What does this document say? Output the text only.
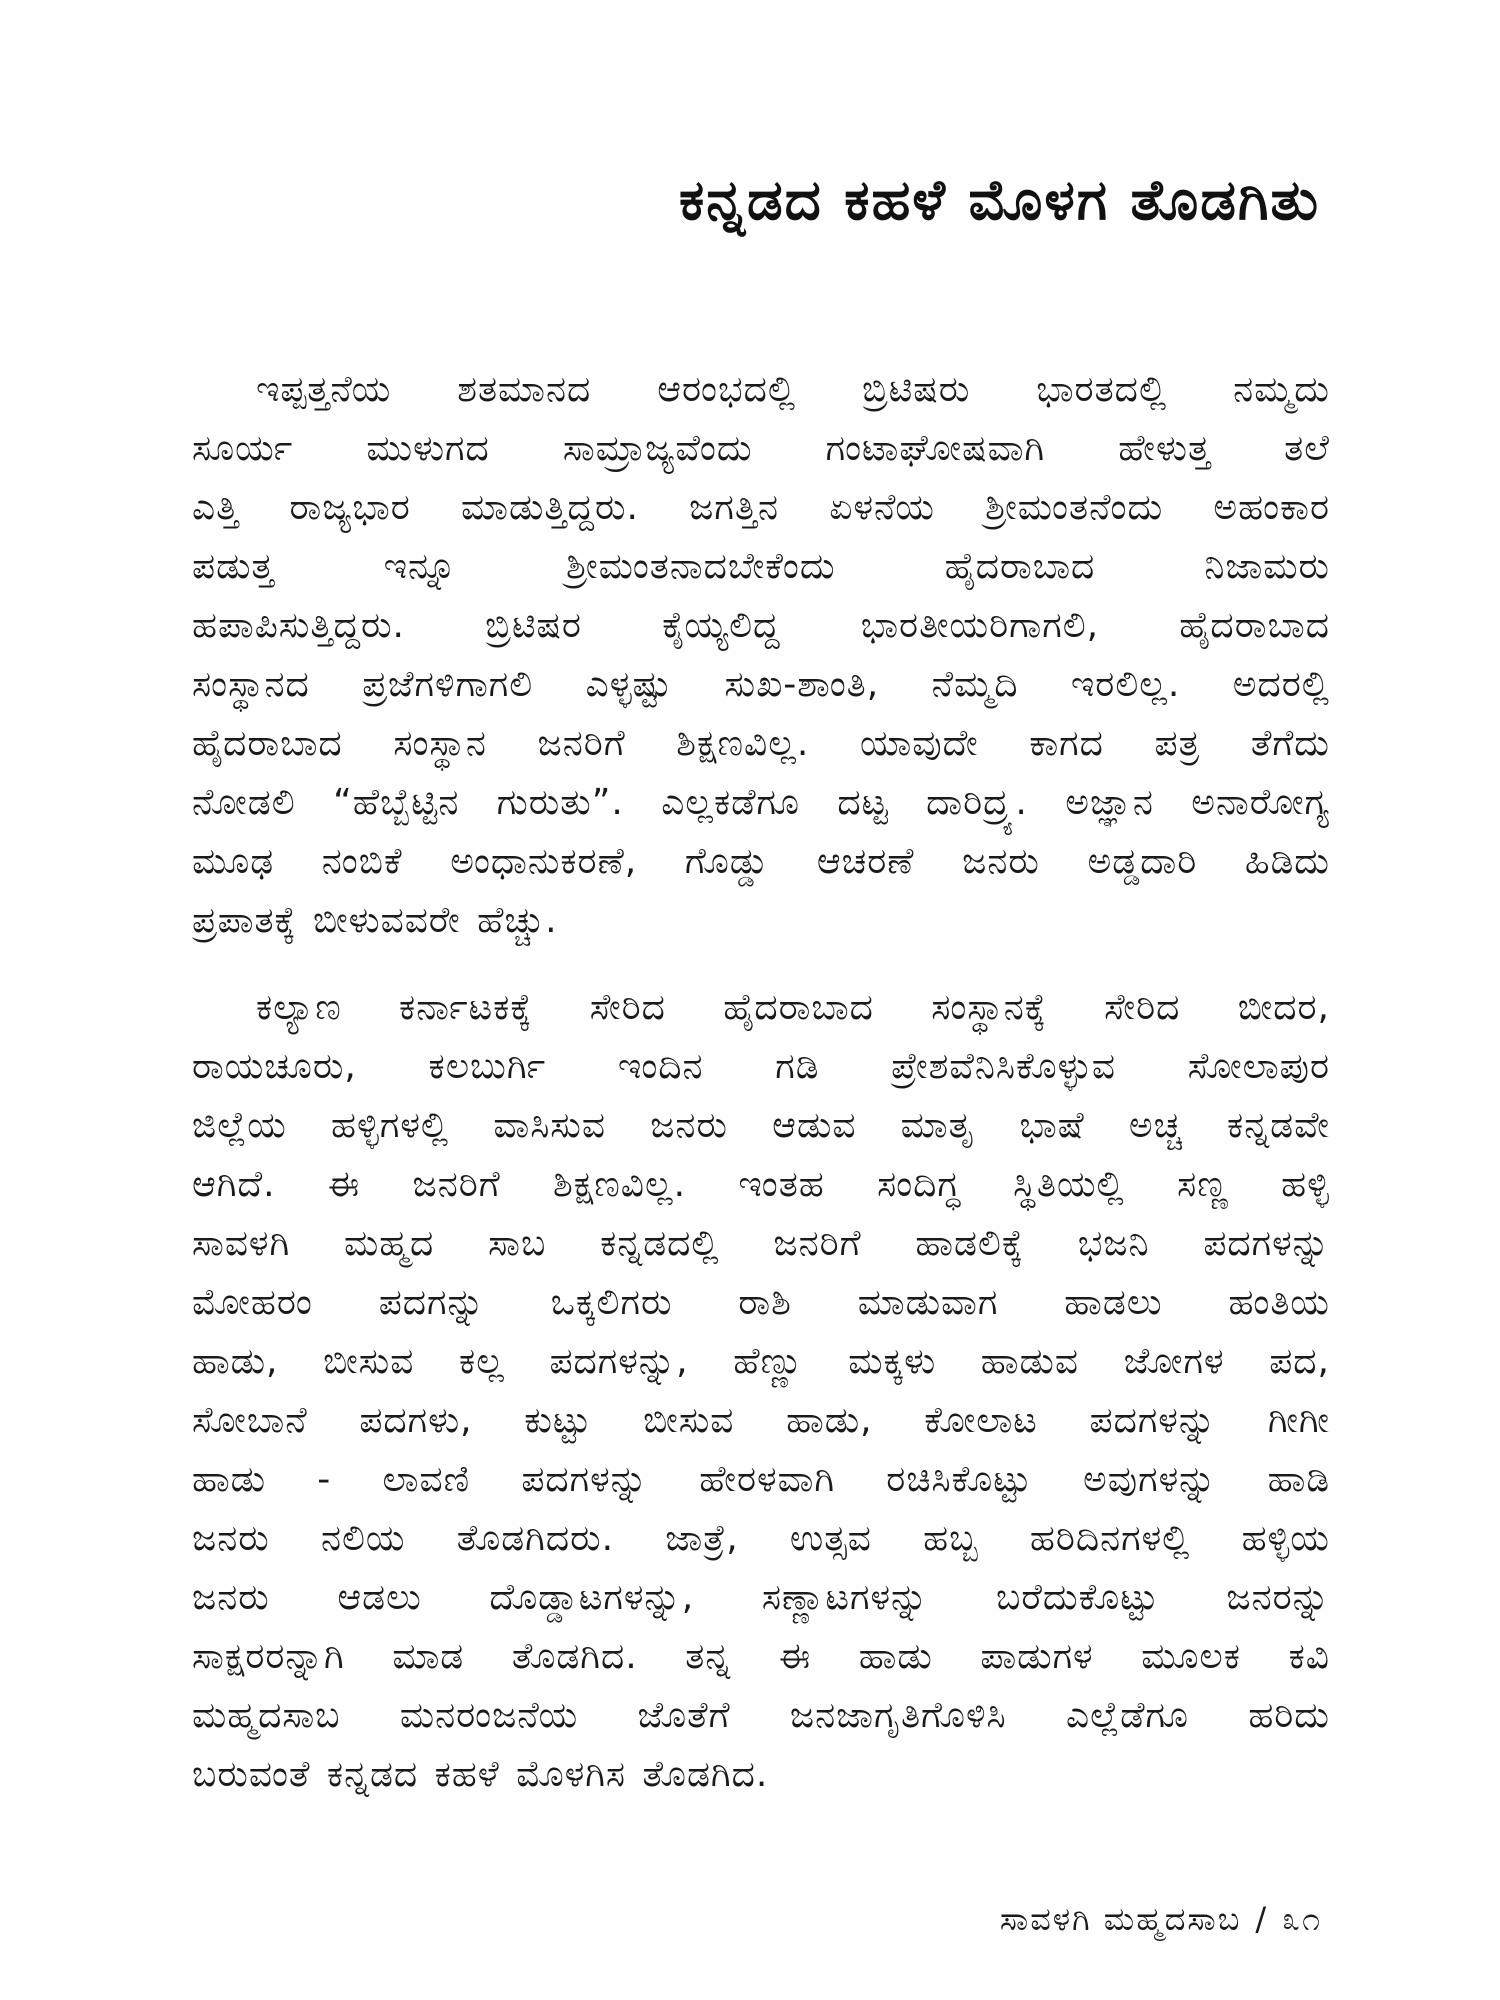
ಕನ್ನಡದ ಕಹಳೆ ಮೊಳಗ ತೊಡಗಿತು

ಇಪ್ಪತ್ತನೆಯ ಶತಮಾನದ ಆರಂಭದಲ್ಲಿ ಬ್ರಿಟಿಷರು ಭಾರತದಲ್ಲಿ ನಮ್ಮದು
ಸೂರ್ಯ ಮುಳುಗದ ಸಾಮ್ರಾಜ್ಯವೆಂದು ಗಂಟಾಘೋಷವಾಗಿ ಹೇಳುತ್ತ ತಲೆ
ಎತ್ತಿ ರಾಜ್ಯಭಾರ ಮಾಡುತ್ತಿದ್ದರು. ಜಗತ್ತಿನ ಏಳನೆಯ ಶ್ರೀಮಂತನೆಂದು ಅಹಂಕಾರ
ಪಡುತ್ತ ಇನ್ನೂ ಶ್ರೀಮಂತನಾದಬೇಕೆಂದು ಹೈದರಾಬಾದ ನಿಜಾಮರು
ಹಪಾಪಿಸುತ್ತಿದ್ದರು. ಬ್ರಿಟಿಷರ ಕೈಯ್ಯಲಿದ್ದ ಭಾರತೀಯರಿಗಾಗಲಿ, ಹೈದರಾಬಾದ
ಸಂಸ್ಥಾನದ ಪ್ರಜೆಗಳಿಗಾಗಲಿ ಎಳ್ಳಷ್ಟು ಸುಖ-ಶಾಂತಿ, ನೆಮ್ಮದಿ ಇರಲಿಲ್ಲ. ಅದರಲ್ಲಿ
ಹೈದರಾಬಾದ ಸಂಸ್ಥಾನ ಜನರಿಗೆ ಶಿಕ್ಷಣವಿಲ್ಲ. ಯಾವುದೇ ಕಾಗದ ಪತ್ರ ತೆಗೆದು
ನೋಡಲಿ “ಹೆಬ್ಬೆಟ್ಟಿನ ಗುರುತು”. ಎಲ್ಲಕಡೆಗೂ ದಟ್ಟ ದಾರಿದ್ರ್ಯ. ಅಜ್ಞಾನ ಅನಾರೋಗ್ಯ
ಮೂಢ ನಂಬಿಕೆ ಅಂಧಾನುಕರಣೆ, ಗೊಡ್ಡು ಆಚರಣೆ ಜನರು ಅಡ್ಡದಾರಿ ಹಿಡಿದು
ಪ್ರಪಾತಕ್ಕೆ ಬೀಳುವವರೇ ಹೆಚ್ಚು.

ಕಲ್ಯಾಣ ಕರ್ನಾಟಕಕ್ಕೆ ಸೇರಿದ ಹೈದರಾಬಾದ ಸಂಸ್ಥಾನಕ್ಕೆ ಸೇರಿದ ಬೀದರ,
ರಾಯಚೂರು, ಕಲಬುರ್ಗಿ ಇಂದಿನ ಗಡಿ ಪ್ರೇಶವೆನಿಸಿಕೊಳ್ಳುವ ಸೋಲಾಪುರ
ಜಿಲ್ಲೆಯ ಹಳ್ಳಿಗಳಲ್ಲಿ ವಾಸಿಸುವ ಜನರು ಆಡುವ ಮಾತೃ ಭಾಷೆ ಅಚ್ಚ ಕನ್ನಡವೇ
ಆಗಿದೆ. ಈ ಜನರಿಗೆ ಶಿಕ್ಷಣವಿಲ್ಲ. ಇಂತಹ ಸಂದಿಗ್ಧ ಸ್ಥಿತಿಯಲ್ಲಿ ಸಣ್ಣ ಹಳ್ಳಿ
ಸಾವಳಗಿ ಮಹ್ಮದ ಸಾಬ ಕನ್ನಡದಲ್ಲಿ ಜನರಿಗೆ ಹಾಡಲಿಕ್ಕೆ ಭಜನಿ ಪದಗಳನ್ನು
ಮೋಹರಂ ಪದಗನ್ನು ಒಕ್ಕಲಿಗರು ರಾಶಿ ಮಾಡುವಾಗ ಹಾಡಲು ಹಂತಿಯ
ಹಾಡು, ಬೀಸುವ ಕಲ್ಲ ಪದಗಳನ್ನು, ಹೆಣ್ಣು ಮಕ್ಕಳು ಹಾಡುವ ಜೋಗಳ ಪದ,
ಸೋಬಾನೆ ಪದಗಳು, ಕುಟ್ಟು ಬೀಸುವ ಹಾಡು, ಕೋಲಾಟ ಪದಗಳನ್ನು ಗೀಗೀ
ಹಾಡು - ಲಾವಣಿ ಪದಗಳನ್ನು ಹೇರಳವಾಗಿ ರಚಿಸಿಕೊಟ್ಟು ಅವುಗಳನ್ನು ಹಾಡಿ
ಜನರು ನಲಿಯ ತೊಡಗಿದರು. ಜಾತ್ರೆ, ಉತ್ಸವ ಹಬ್ಬ ಹರಿದಿನಗಳಲ್ಲಿ ಹಳ್ಳಿಯ
ಜನರು ಆಡಲು ದೊಡ್ಡಾಟಗಳನ್ನು, ಸಣ್ಣಾಟಗಳನ್ನು ಬರೆದುಕೊಟ್ಟು ಜನರನ್ನು
ಸಾಕ್ಷರರನ್ನಾಗಿ ಮಾಡ ತೊಡಗಿದ. ತನ್ನ ಈ ಹಾಡು ಪಾಡುಗಳ ಮೂಲಕ ಕವಿ
ಮಹ್ಮದಸಾಬ ಮನರಂಜನೆಯ ಜೊತೆಗೆ ಜನಜಾಗೃತಿಗೊಳಿಸಿ ಎಲ್ಲೆಡೆಗೂ ಹರಿದು
ಬರುವಂತೆ ಕನ್ನಡದ ಕಹಳೆ ಮೊಳಗಿಸ ತೊಡಗಿದ.

ಸಾವಳಗಿ ಮಹ್ಮದಸಾಬ / ೩೧
